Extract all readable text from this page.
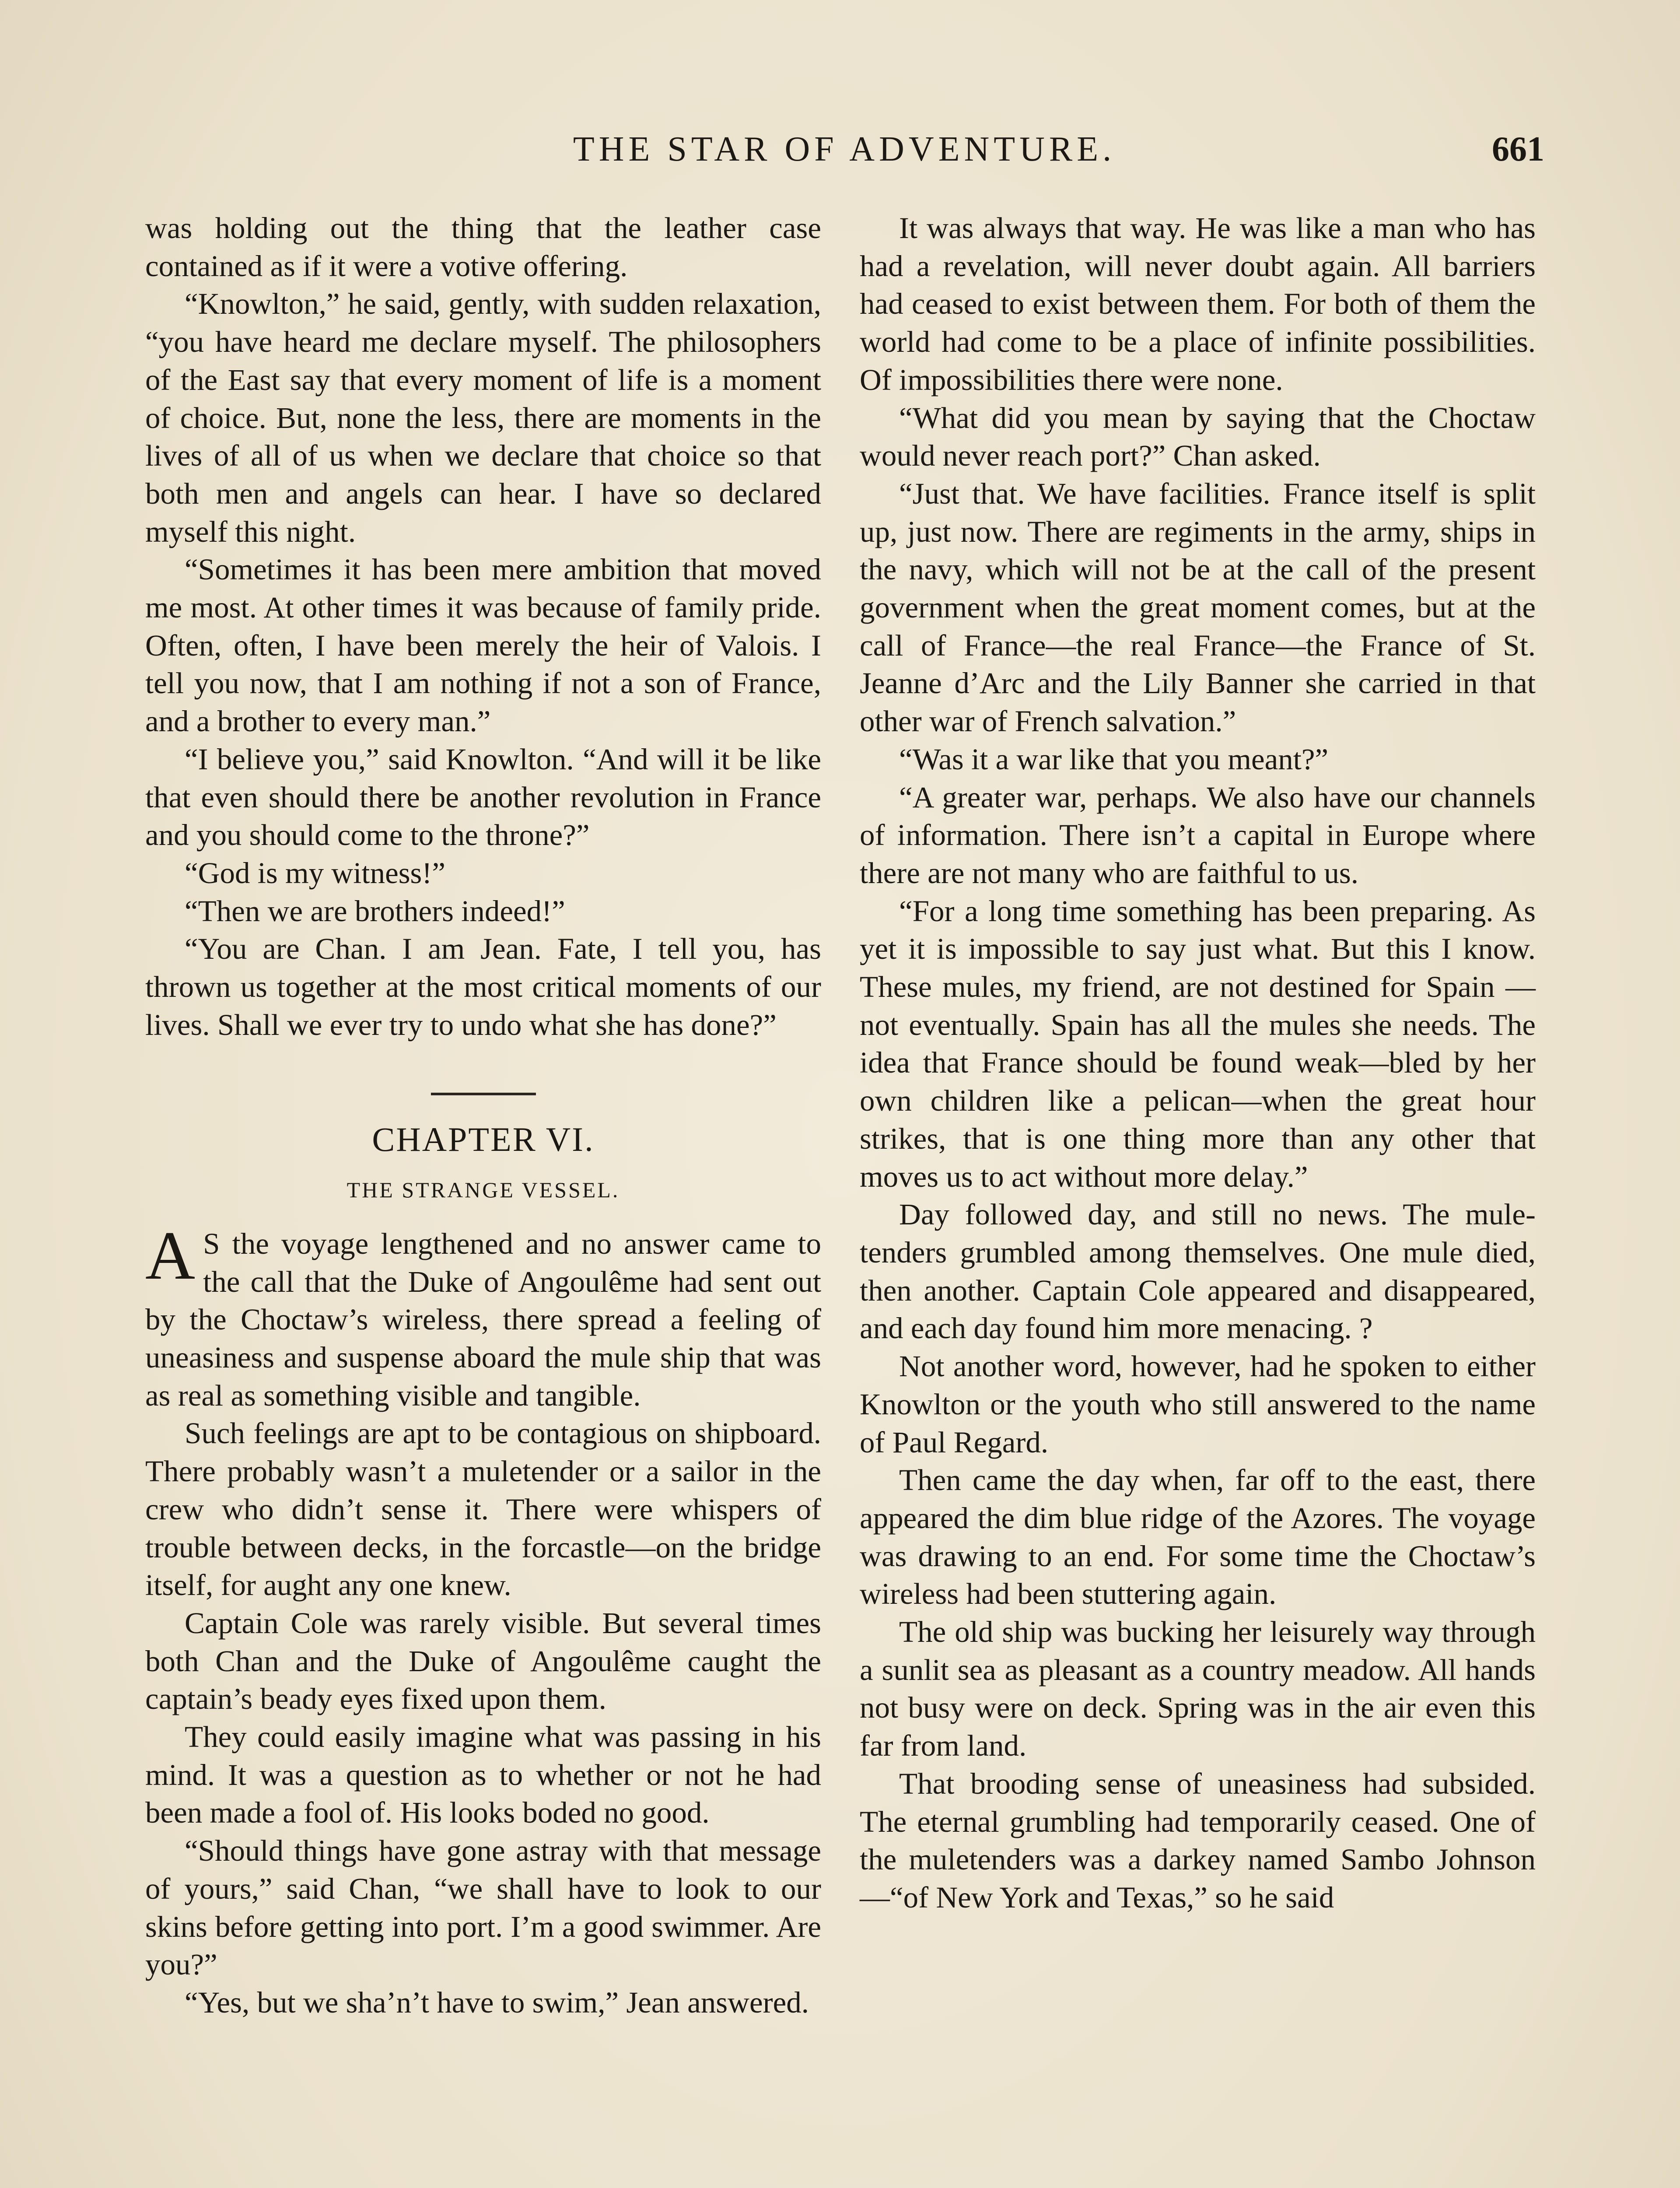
THE STAR OF ADVENTURE.	661

was holding out the thing that the leather case contained as if it were a votive offering.

“Knowlton,” he said, gently, with sudden relaxation, “you have heard me declare myself. The philosophers of the East say that every moment of life is a moment of choice. But, none the less, there are moments in the lives of all of us when we declare that choice so that both men and angels can hear. I have so declared myself this night.

“Sometimes it has been mere ambition that moved me most. At other times it was because of family pride. Often, often, I have been merely the heir of Valois. I tell you now, that I am nothing if not a son of France, and a brother to every man.”

“I believe you,” said Knowlton. “And will it be like that even should there be another revolution in France and you should come to the throne?”

“God is my witness!”

“Then we are brothers indeed!”

“You are Chan. I am Jean. Fate, I tell you, has thrown us together at the most critical moments of our lives. Shall we ever try to undo what she has done?”

CHAPTER VI.
THE STRANGE VESSEL.

A S the voyage lengthened and no answer came to the call that the Duke of Angoulême had sent out by the Choctaw’s wireless, there spread a feeling of uneasiness and suspense aboard the mule ship that was as real as something visible and tangible.

Such feelings are apt to be contagious on shipboard. There probably wasn’t a muletender or a sailor in the crew who didn’t sense it. There were whispers of trouble between decks, in the forcastle—on the bridge itself, for aught any one knew.

Captain Cole was rarely visible. But several times both Chan and the Duke of Angoulême caught the captain’s beady eyes fixed upon them.

They could easily imagine what was passing in his mind. It was a question as to whether or not he had been made a fool of. His looks boded no good.

“Should things have gone astray with that message of yours,” said Chan, “we shall have to look to our skins before getting into port. I’m a good swimmer. Are you?”

“Yes, but we sha’n’t have to swim,” Jean answered.

It was always that way. He was like a man who has had a revelation, will never doubt again. All barriers had ceased to exist between them. For both of them the world had come to be a place of infinite possibilities. Of impossibilities there were none.

“What did you mean by saying that the Choctaw would never reach port?” Chan asked.

“Just that. We have facilities. France itself is split up, just now. There are regiments in the army, ships in the navy, which will not be at the call of the present government when the great moment comes, but at the call of France—the real France—the France of St. Jeanne d’Arc and the Lily Banner she carried in that other war of French salvation.”

“Was it a war like that you meant?”

“A greater war, perhaps. We also have our channels of information. There isn’t a capital in Europe where there are not many who are faithful to us.

“For a long time something has been preparing. As yet it is impossible to say just what. But this I know. These mules, my friend, are not destined for Spain — not eventually. Spain has all the mules she needs. The idea that France should be found weak—bled by her own children like a pelican—when the great hour strikes, that is one thing more than any other that moves us to act without more delay.”

Day followed day, and still no news. The mule-tenders grumbled among themselves. One mule died, then another. Captain Cole appeared and disappeared, and each day found him more menacing. ?

Not another word, however, had he spoken to either Knowlton or the youth who still answered to the name of Paul Regard.

Then came the day when, far off to the east, there appeared the dim blue ridge of the Azores. The voyage was drawing to an end. For some time the Choctaw’s wireless had been stuttering again.

The old ship was bucking her leisurely way through a sunlit sea as pleasant as a country meadow. All hands not busy were on deck. Spring was in the air even this far from land.

That brooding sense of uneasiness had subsided. The eternal grumbling had temporarily ceased. One of the muletenders was a darkey named Sambo Johnson—“of New York and Texas,” so he said
